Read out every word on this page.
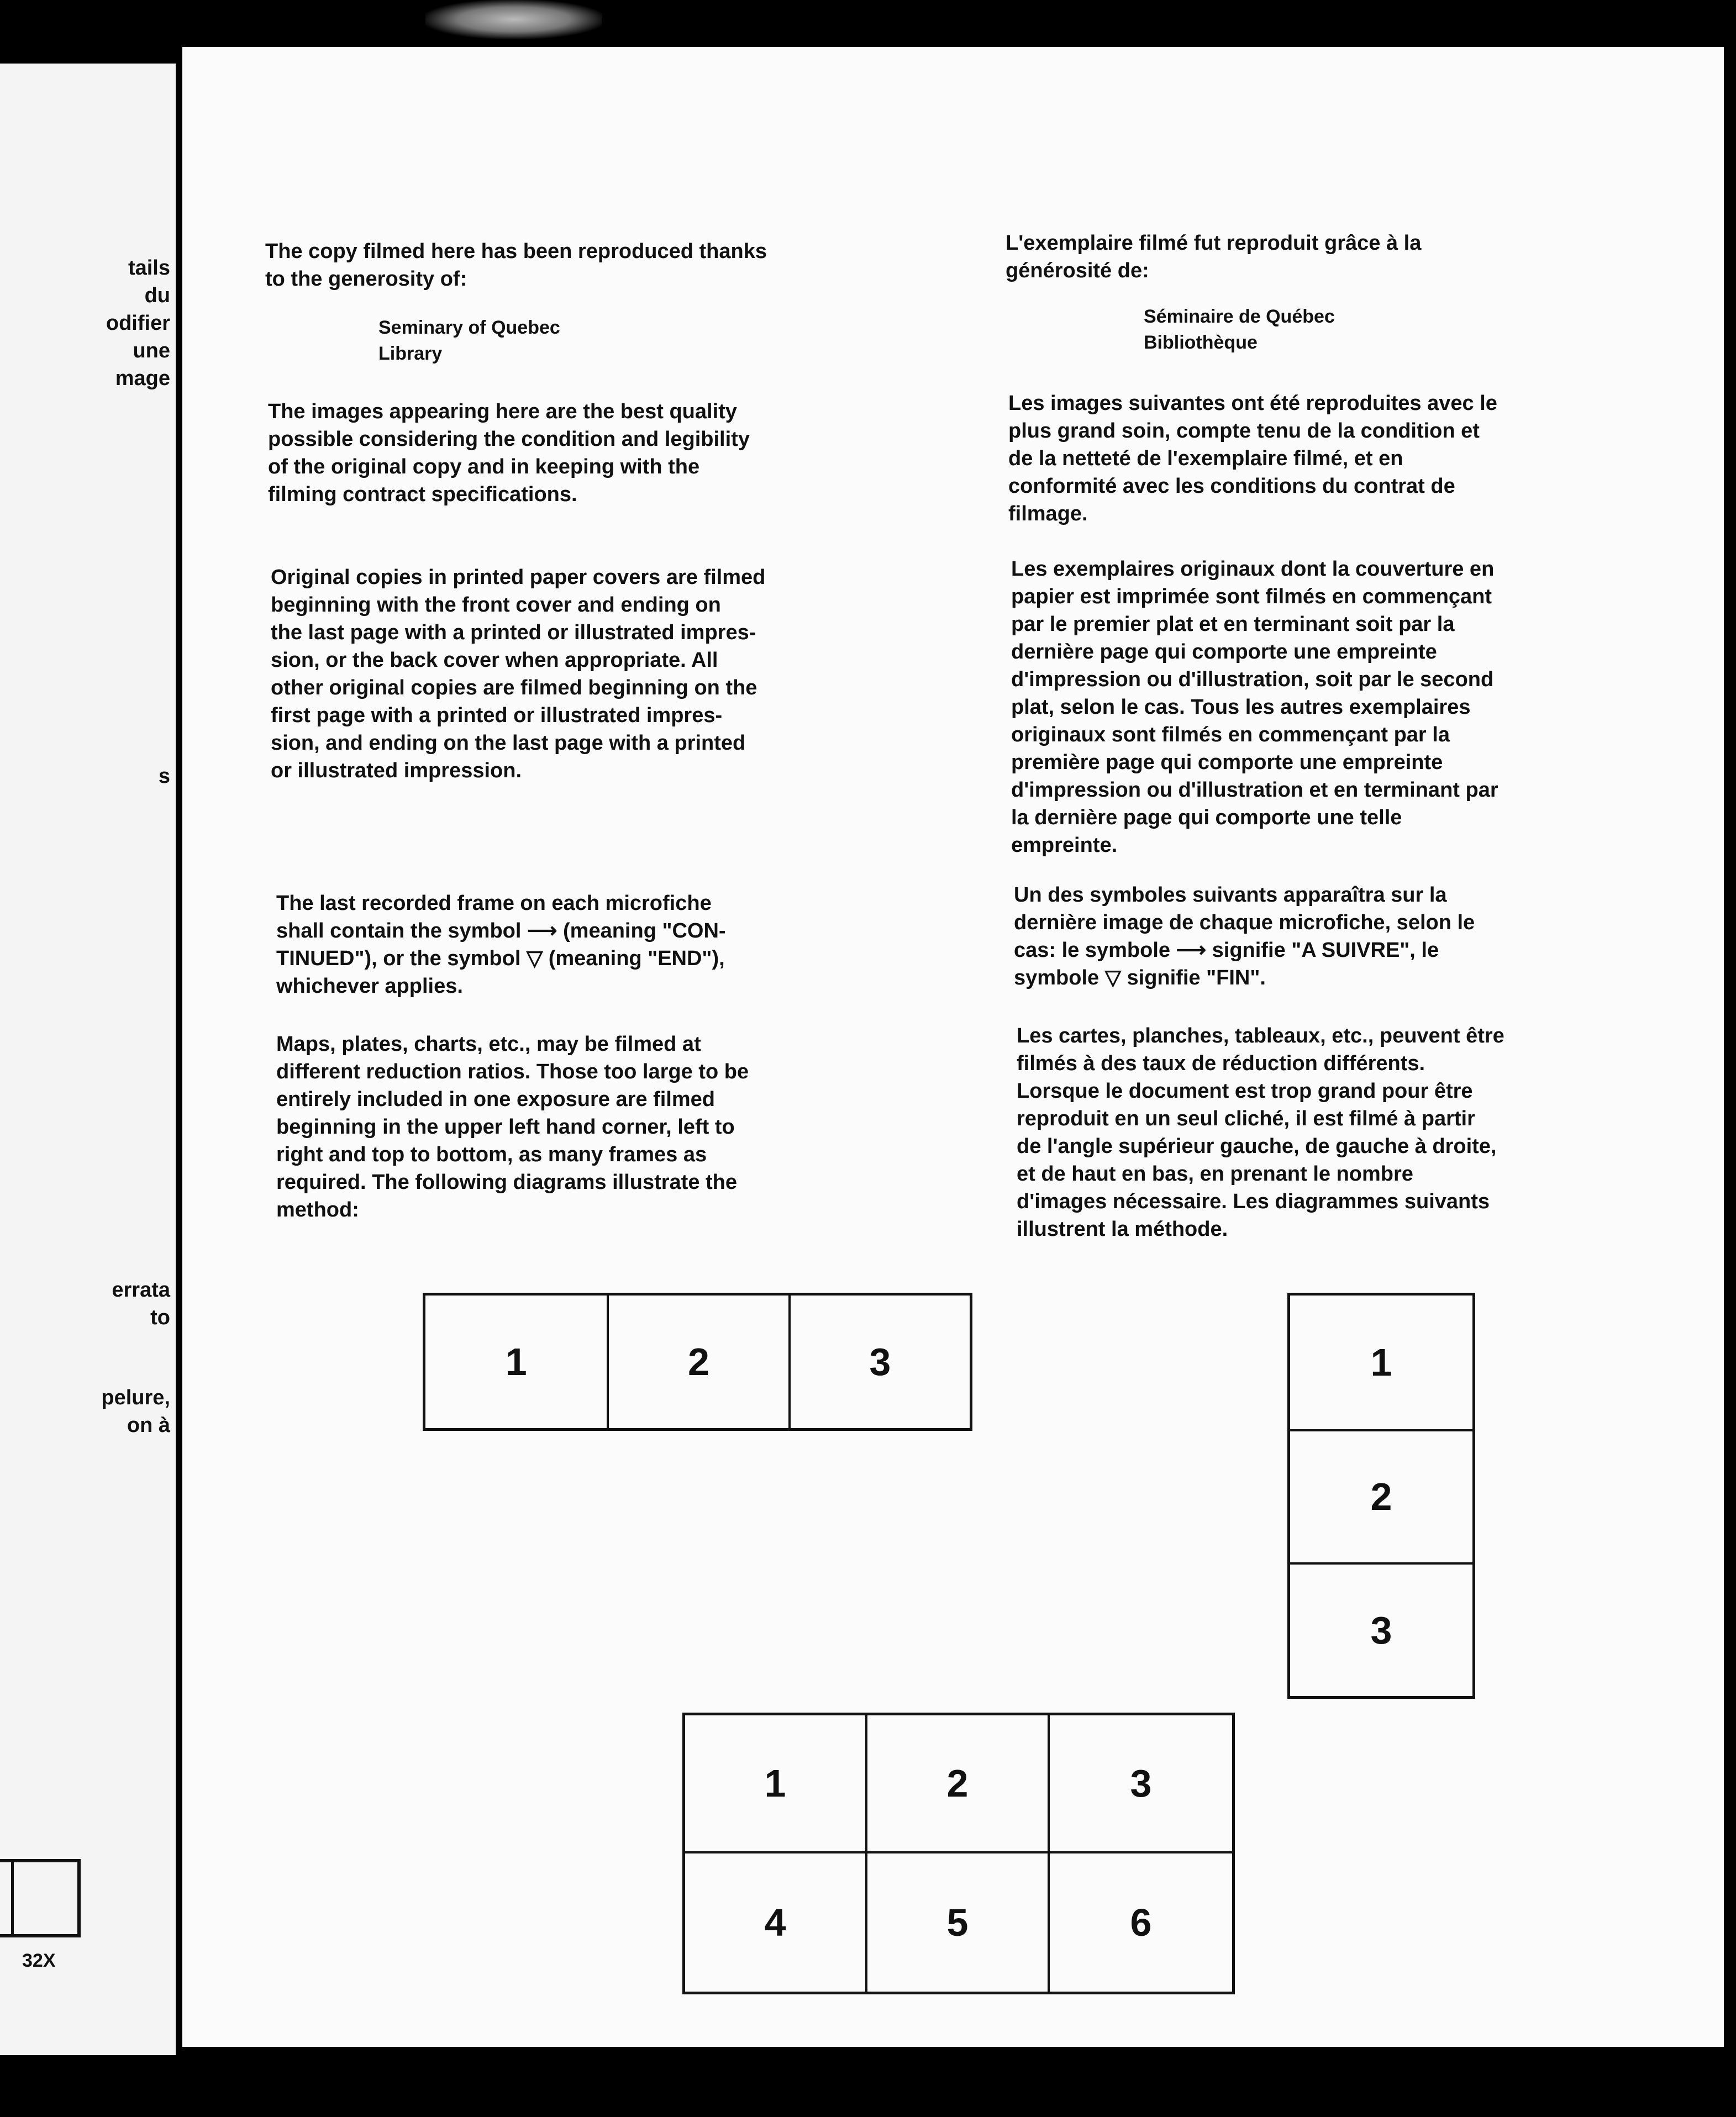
tails
du
odifier
une
mage
s
errata
to
pelure,
on à
32X
The copy filmed here has been reproduced thanks
to the generosity of:
Seminary of Quebec
Library
The images appearing here are the best quality
possible considering the condition and legibility
of the original copy and in keeping with the
filming contract specifications.
Original copies in printed paper covers are filmed
beginning with the front cover and ending on
the last page with a printed or illustrated impres-
sion, or the back cover when appropriate. All
other original copies are filmed beginning on the
first page with a printed or illustrated impres-
sion, and ending on the last page with a printed
or illustrated impression.
The last recorded frame on each microfiche
shall contain the symbol ⟶ (meaning "CON-
TINUED"), or the symbol ▽ (meaning "END"),
whichever applies.
Maps, plates, charts, etc., may be filmed at
different reduction ratios. Those too large to be
entirely included in one exposure are filmed
beginning in the upper left hand corner, left to
right and top to bottom, as many frames as
required. The following diagrams illustrate the
method:
L'exemplaire filmé fut reproduit grâce à la
générosité de:
Séminaire de Québec
Bibliothèque
Les images suivantes ont été reproduites avec le
plus grand soin, compte tenu de la condition et
de la netteté de l'exemplaire filmé, et en
conformité avec les conditions du contrat de
filmage.
Les exemplaires originaux dont la couverture en
papier est imprimée sont filmés en commençant
par le premier plat et en terminant soit par la
dernière page qui comporte une empreinte
d'impression ou d'illustration, soit par le second
plat, selon le cas. Tous les autres exemplaires
originaux sont filmés en commençant par la
première page qui comporte une empreinte
d'impression ou d'illustration et en terminant par
la dernière page qui comporte une telle
empreinte.
Un des symboles suivants apparaîtra sur la
dernière image de chaque microfiche, selon le
cas: le symbole ⟶ signifie "A SUIVRE", le
symbole ▽ signifie "FIN".
Les cartes, planches, tableaux, etc., peuvent être
filmés à des taux de réduction différents.
Lorsque le document est trop grand pour être
reproduit en un seul cliché, il est filmé à partir
de l'angle supérieur gauche, de gauche à droite,
et de haut en bas, en prenant le nombre
d'images nécessaire. Les diagrammes suivants
illustrent la méthode.
1	2	3	1
2
3
1	2	3
4	5	6
